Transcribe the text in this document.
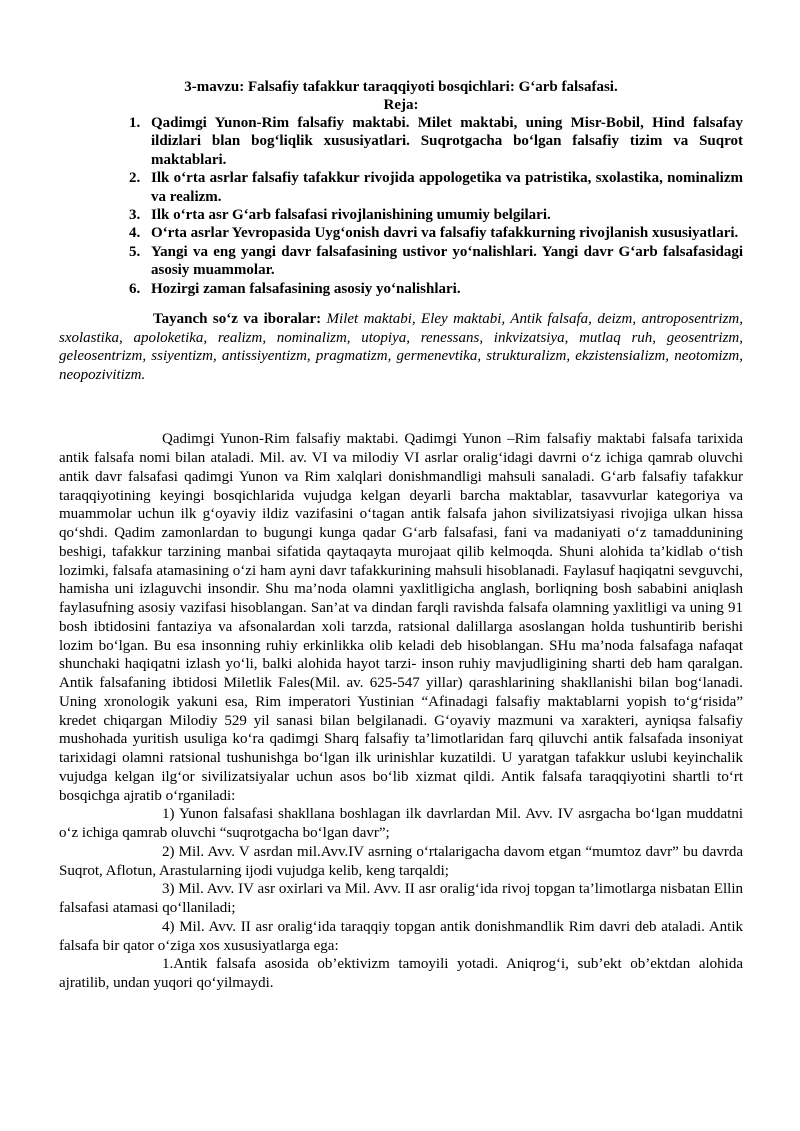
3-mavzu: Falsafiy tafakkur taraqqiyoti bosqichlari: G‘arb falsafasi.

Reja:

1. Qadimgi Yunon-Rim falsafiy maktabi. Milet maktabi, uning Misr-Bobil, Hind falsafay ildizlari blan bog‘liqlik xususiyatlari. Suqrotgacha bo‘lgan falsafiy tizim va Suqrot maktablari.
2. Ilk o‘rta asrlar falsafiy tafakkur rivojida appologetika va patristika, sxolastika, nominalizm va realizm.
3. Ilk o‘rta asr G‘arb falsafasi rivojlanishining umumiy belgilari.
4. O‘rta asrlar Yevropasida Uyg‘onish davri va falsafiy tafakkurning rivojlanish xususiyatlari.
5. Yangi va eng yangi davr falsafasining ustivor yo‘nalishlari. Yangi davr G‘arb falsafasidagi asosiy muammolar.
6. Hozirgi zaman falsafasining asosiy yo‘nalishlari.

Tayanch so‘z va iboralar: Milet maktabi, Eley maktabi, Antik falsafa, deizm, antroposentrizm, sxolastika, apoloketika, realizm, nominalizm, utopiya, renessans, inkvizatsiya, mutlaq ruh, geosentrizm, geleosentrizm, ssiyentizm, antissiyentizm, pragmatizm, germenevtika, strukturalizm, ekzistensializm, neotomizm, neopozivitizm.

Qadimgi Yunon-Rim falsafiy maktabi. Qadimgi Yunon –Rim falsafiy maktabi falsafa tarixida antik falsafa nomi bilan ataladi. Mil. av. VI va milodiy VI asrlar oralig‘idagi davrni o‘z ichiga qamrab oluvchi antik davr falsafasi qadimgi Yunon va Rim xalqlari donishmandligi mahsuli sanaladi. G‘arb falsafiy tafakkur taraqqiyotining keyingi bosqichlarida vujudga kelgan deyarli barcha maktablar, tasavvurlar kategoriya va muammolar uchun ilk g‘oyaviy ildiz vazifasini o‘tagan antik falsafa jahon sivilizatsiyasi rivojiga ulkan hissa qo‘shdi. Qadim zamonlardan to bugungi kunga qadar G‘arb falsafasi, fani va madaniyati o‘z tamaddunining beshigi, tafakkur tarzining manbai sifatida qaytaqayta murojaat qilib kelmoqda. Shuni alohida ta’kidlab o‘tish lozimki, falsafa atamasining o‘zi ham ayni davr tafakkurining mahsuli hisoblanadi. Faylasuf haqiqatni sevguvchi, hamisha uni izlaguvchi insondir. Shu ma’noda olamni yaxlitligicha anglash, borliqning bosh sababini aniqlash faylasufning asosiy vazifasi hisoblangan. San’at va dindan farqli ravishda falsafa olamning yaxlitligi va uning 91 bosh ibtidosini fantaziya va afsonalardan xoli tarzda, ratsional dalillarga asoslangan holda tushuntirib berishi lozim bo‘lgan. Bu esa insonning ruhiy erkinlikka olib keladi deb hisoblangan. SHu ma’noda falsafaga nafaqat shunchaki haqiqatni izlash yo‘li, balki alohida hayot tarzi- inson ruhiy mavjudligining sharti deb ham qaralgan. Antik falsafaning ibtidosi Miletlik Fales(Mil. av. 625-547 yillar) qarashlarining shakllanishi bilan bog‘lanadi. Uning xronologik yakuni esa, Rim imperatori Yustinian “Afinadagi falsafiy maktablarni yopish to‘g‘risida” kredet chiqargan Milodiy 529 yil sanasi bilan belgilanadi. G‘oyaviy mazmuni va xarakteri, ayniqsa falsafiy mushohada yuritish usuliga ko‘ra qadimgi Sharq falsafiy ta’limotlaridan farq qiluvchi antik falsafada insoniyat tarixidagi olamni ratsional tushunishga bo‘lgan ilk urinishlar kuzatildi. U yaratgan tafakkur uslubi keyinchalik vujudga kelgan ilg‘or sivilizatsiyalar uchun asos bo‘lib xizmat qildi. Antik falsafa taraqqiyotini shartli to‘rt bosqichga ajratib o‘rganiladi:

1) Yunon falsafasi shakllana boshlagan ilk davrlardan Mil. Avv. IV asrgacha bo‘lgan muddatni o‘z ichiga qamrab oluvchi “suqrotgacha bo‘lgan davr”;

2) Mil. Avv. V asrdan mil.Avv.IV asrning o‘rtalarigacha davom etgan “mumtoz davr” bu davrda Suqrot, Aflotun, Arastularning ijodi vujudga kelib, keng tarqaldi;

3) Mil. Avv. IV asr oxirlari va Mil. Avv. II asr oralig‘ida rivoj topgan ta’limotlarga nisbatan Ellin falsafasi atamasi qo‘llaniladi;

4) Mil. Avv. II asr oralig‘ida taraqqiy topgan antik donishmandlik Rim davri deb ataladi. Antik falsafa bir qator o‘ziga xos xususiyatlarga ega:

1.Antik falsafa asosida ob’ektivizm tamoyili yotadi. Aniqrog‘i, sub’ekt ob’ektdan alohida ajratilib, undan yuqori qo‘yilmaydi.
